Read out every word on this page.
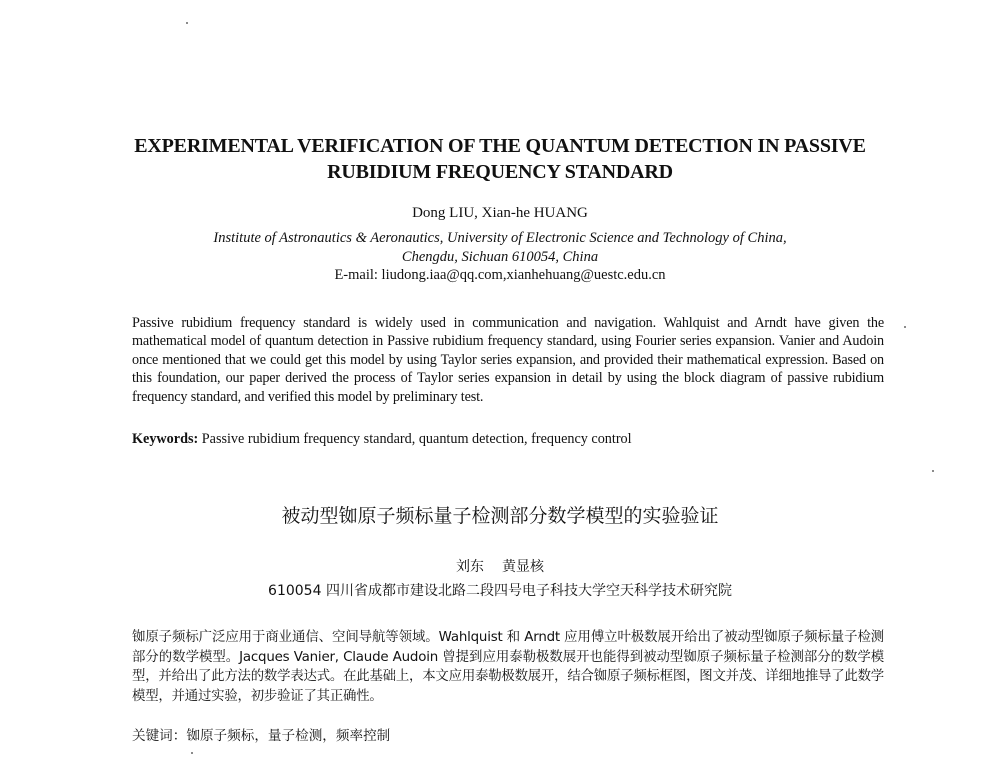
EXPERIMENTAL VERIFICATION OF THE QUANTUM DETECTION IN PASSIVE
RUBIDIUM FREQUENCY STANDARD
Dong LIU, Xian-he HUANG
Institute of Astronautics & Aeronautics, University of Electronic Science and Technology of China,
Chengdu, Sichuan 610054, China
E-mail: liudong.iaa@qq.com,xianhehuang@uestc.edu.cn
Passive rubidium frequency standard is widely used in communication and navigation. Wahlquist and Arndt have given the mathematical model of quantum detection in Passive rubidium frequency standard, using Fourier series expansion. Vanier and Audoin once mentioned that we could get this model by using Taylor series expansion, and provided their mathematical expression. Based on this foundation, our paper derived the process of Taylor series expansion in detail by using the block diagram of passive rubidium frequency standard, and verified this model by preliminary test.
Keywords: Passive rubidium frequency standard, quantum detection, frequency control
被动型铷原子频标量子检测部分数学模型的实验验证
刘东 黄显核
610054 四川省成都市建设北路二段四号电子科技大学空天科学技术研究院
铷原子频标广泛应用于商业通信、空间导航等领域。Wahlquist 和 Arndt 应用傅立叶极数展开给出了被动型铷原子频标量子检测部分的数学模型。Jacques Vanier, Claude Audoin 曾提到应用泰勒极数展开也能得到被动型铷原子频标量子检测部分的数学模型，并给出了此方法的数学表达式。在此基础上，本文应用泰勒极数展开，结合铷原子频标框图，图文并茂、详细地推导了此数学模型，并通过实验，初步验证了其正确性。
关键词：铷原子频标，量子检测，频率控制
